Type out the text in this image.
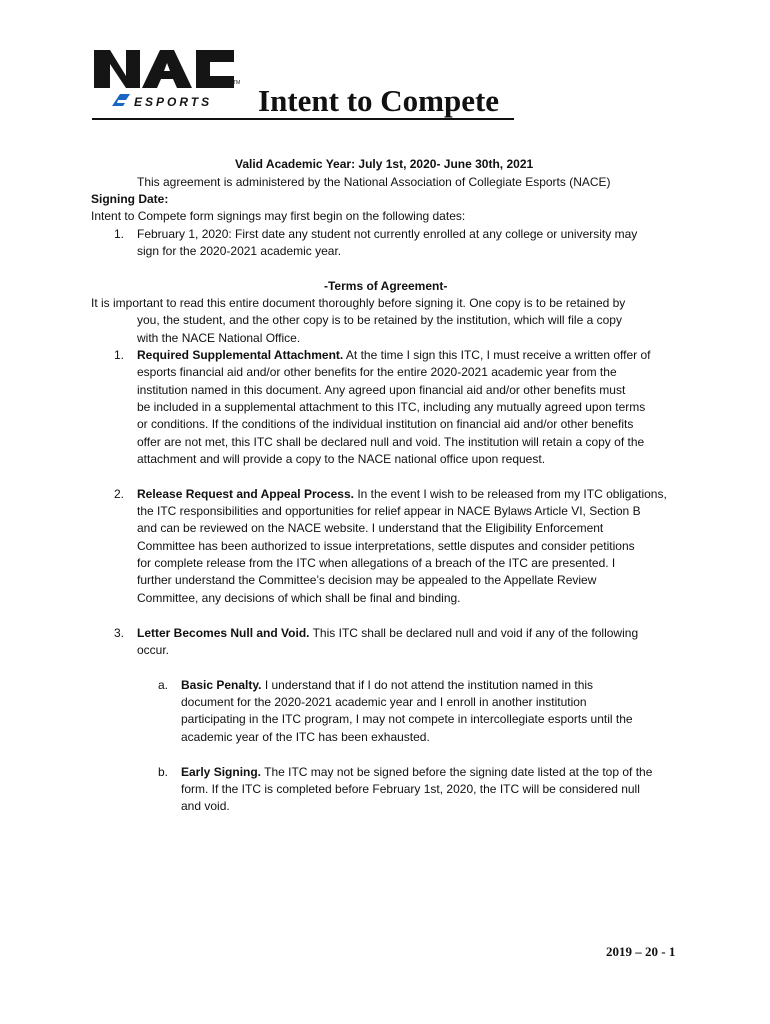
TM
ESPORTS Intent to Compete
Valid Academic Year: July 1st, 2020- June 30th, 2021
This agreement is administered by the National Association of Collegiate Esports (NACE)
Signing Date:
Intent to Compete form signings may first begin on the following dates:
1. February 1, 2020: First date any student not currently enrolled at any college or university may
sign for the 2020-2021 academic year.
-Terms of Agreement-
It is important to read this entire document thoroughly before signing it. One copy is to be retained by
you, the student, and the other copy is to be retained by the institution, which will file a copy
with the NACE National Office.
1. Required Supplemental Attachment. At the time I sign this ITC, I must receive a written offer of
esports financial aid and/or other benefits for the entire 2020-2021 academic year from the
institution named in this document. Any agreed upon financial aid and/or other benefits must
be included in a supplemental attachment to this ITC, including any mutually agreed upon terms
or conditions. If the conditions of the individual institution on financial aid and/or other benefits
offer are not met, this ITC shall be declared null and void. The institution will retain a copy of the
attachment and will provide a copy to the NACE national office upon request.
2. Release Request and Appeal Process. In the event I wish to be released from my ITC obligations,
the ITC responsibilities and opportunities for relief appear in NACE Bylaws Article VI, Section B
and can be reviewed on the NACE website. I understand that the Eligibility Enforcement
Committee has been authorized to issue interpretations, settle disputes and consider petitions
for complete release from the ITC when allegations of a breach of the ITC are presented. I
further understand the Committee’s decision may be appealed to the Appellate Review
Committee, any decisions of which shall be final and binding.
3. Letter Becomes Null and Void. This ITC shall be declared null and void if any of the following
occur.
a. Basic Penalty. I understand that if I do not attend the institution named in this
document for the 2020-2021 academic year and I enroll in another institution
participating in the ITC program, I may not compete in intercollegiate esports until the
academic year of the ITC has been exhausted.
b. Early Signing. The ITC may not be signed before the signing date listed at the top of the
form. If the ITC is completed before February 1st, 2020, the ITC will be considered null
and void.
2019 – 20 - 1
